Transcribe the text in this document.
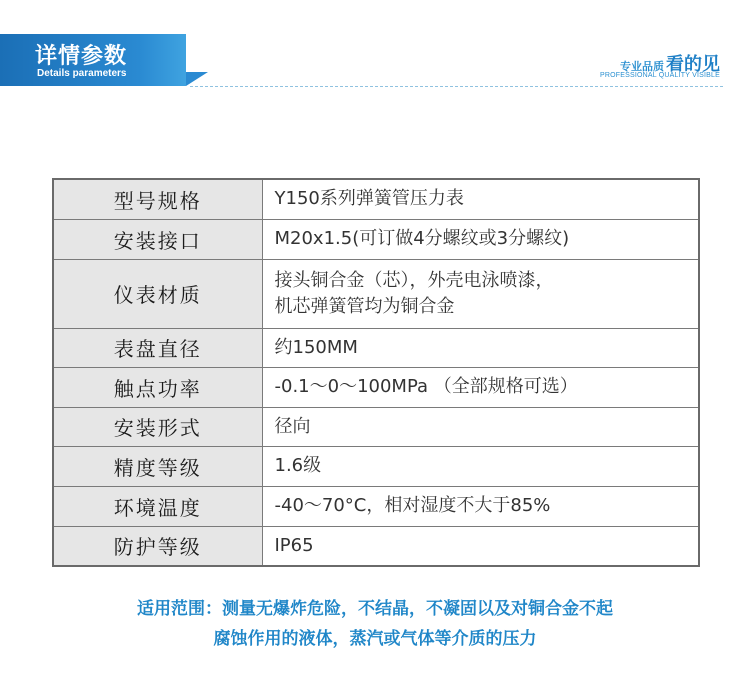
详情参数
Details parameters
专业品质 看的见
PROFESSIONAL QUALITY VISIBLE
型号规格	Y150系列弹簧管压力表

安装接口	M20x1.5(可订做4分螺纹或3分螺纹)

仪表材质	接头铜合金（芯），外壳电泳喷漆，
机芯弹簧管均为铜合金

表盘直径	约150MM

触点功率	-0.1～0～100MPa （全部规格可选）

安装形式	径向

精度等级	1.6级

环境温度	-40～70°C，相对湿度不大于85%

防护等级	IP65
适用范围：测量无爆炸危险，不结晶，不凝固以及对铜合金不起
腐蚀作用的液体，蒸汽或气体等介质的压力
